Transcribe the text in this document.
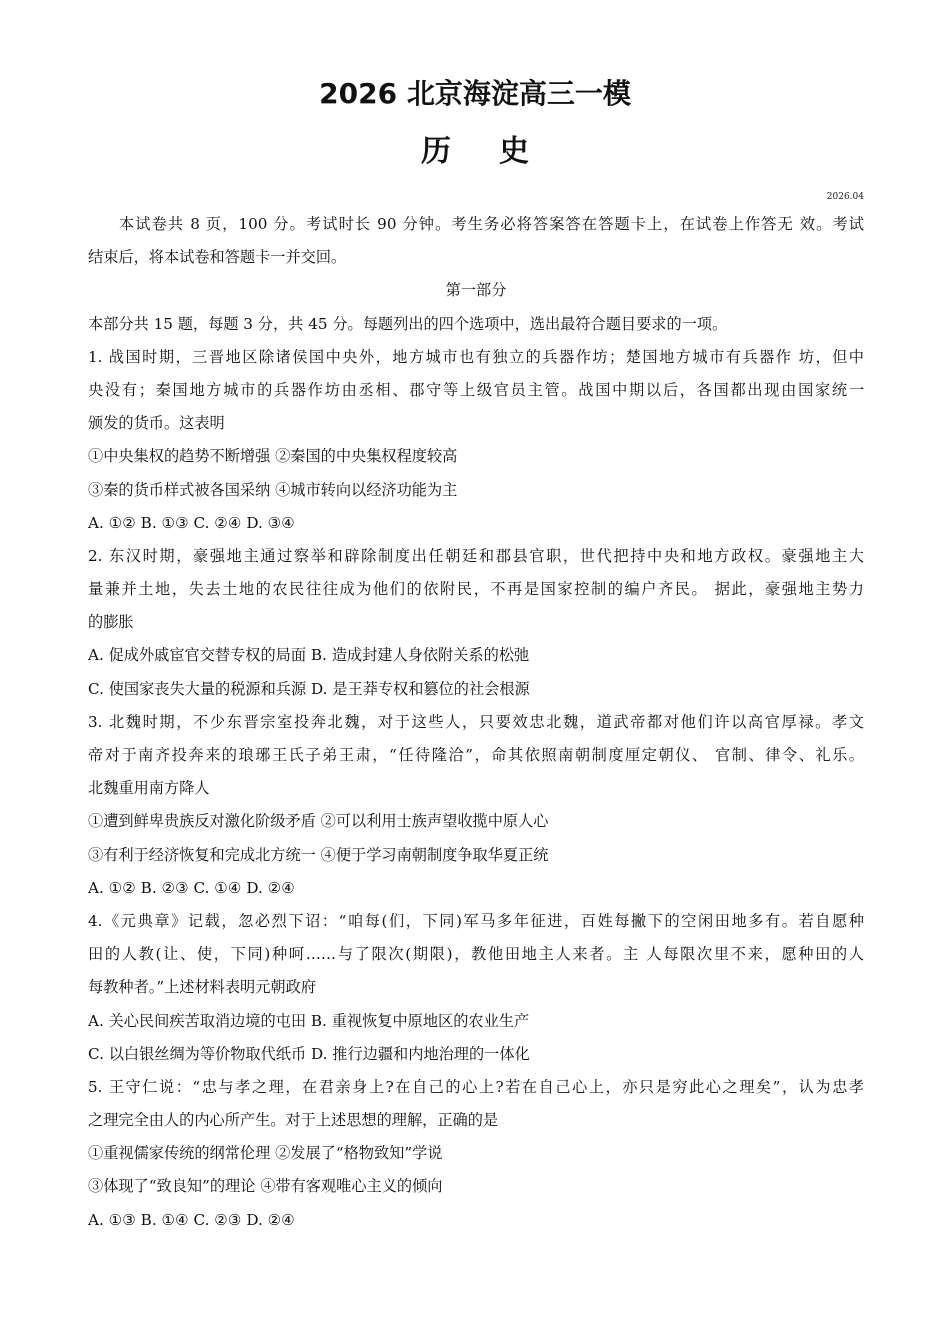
2026 北京海淀高三一模
历史
2026.04
本试卷共 8 页，100 分。考试时长 90 分钟。考生务必将答案答在答题卡上，在试卷上作答无 效。考试
结束后，将本试卷和答题卡一并交回。
第一部分
本部分共 15 题，每题 3 分，共 45 分。每题列出的四个选项中，选出最符合题目要求的一项。
1. 战国时期，三晋地区除诸侯国中央外，地方城市也有独立的兵器作坊；楚国地方城市有兵器作 坊，但中
央没有；秦国地方城市的兵器作坊由丞相、郡守等上级官员主管。战国中期以后，各国都出现由国家统一
颁发的货币。这表明
①中央集权的趋势不断增强 ②秦国的中央集权程度较高
③秦的货币样式被各国采纳 ④城市转向以经济功能为主
A. ①② B. ①③ C. ②④ D. ③④
2. 东汉时期，豪强地主通过察举和辟除制度出任朝廷和郡县官职，世代把持中央和地方政权。豪强地主大
量兼并土地，失去土地的农民往往成为他们的依附民，不再是国家控制的编户齐民。 据此，豪强地主势力
的膨胀
A. 促成外戚宦官交替专权的局面 B. 造成封建人身依附关系的松弛
C. 使国家丧失大量的税源和兵源 D. 是王莽专权和篡位的社会根源
3. 北魏时期，不少东晋宗室投奔北魏，对于这些人，只要效忠北魏，道武帝都对他们许以高官厚禄。孝文
帝对于南齐投奔来的琅琊王氏子弟王肃，“任待隆洽”，命其依照南朝制度厘定朝仪、 官制、律令、礼乐。
北魏重用南方降人
①遭到鲜卑贵族反对激化阶级矛盾 ②可以利用士族声望收揽中原人心
③有利于经济恢复和完成北方统一 ④便于学习南朝制度争取华夏正统
A. ①② B. ②③ C. ①④ D. ②④
4.《元典章》记载，忽必烈下诏：“咱每(们，下同)军马多年征进，百姓每撇下的空闲田地多有。若自愿种
田的人教(让、使，下同)种呵……与了限次(期限)，教他田地主人来者。主 人每限次里不来，愿种田的人
每教种者。”上述材料表明元朝政府
A. 关心民间疾苦取消边境的屯田 B. 重视恢复中原地区的农业生产
C. 以白银丝绸为等价物取代纸币 D. 推行边疆和内地治理的一体化
5. 王守仁说：“忠与孝之理，在君亲身上?在自己的心上?若在自己心上，亦只是穷此心之理矣”，认为忠孝
之理完全由人的内心所产生。对于上述思想的理解，正确的是
①重视儒家传统的纲常伦理 ②发展了“格物致知”学说
③体现了“致良知”的理论 ④带有客观唯心主义的倾向
A. ①③ B. ①④ C. ②③ D. ②④
